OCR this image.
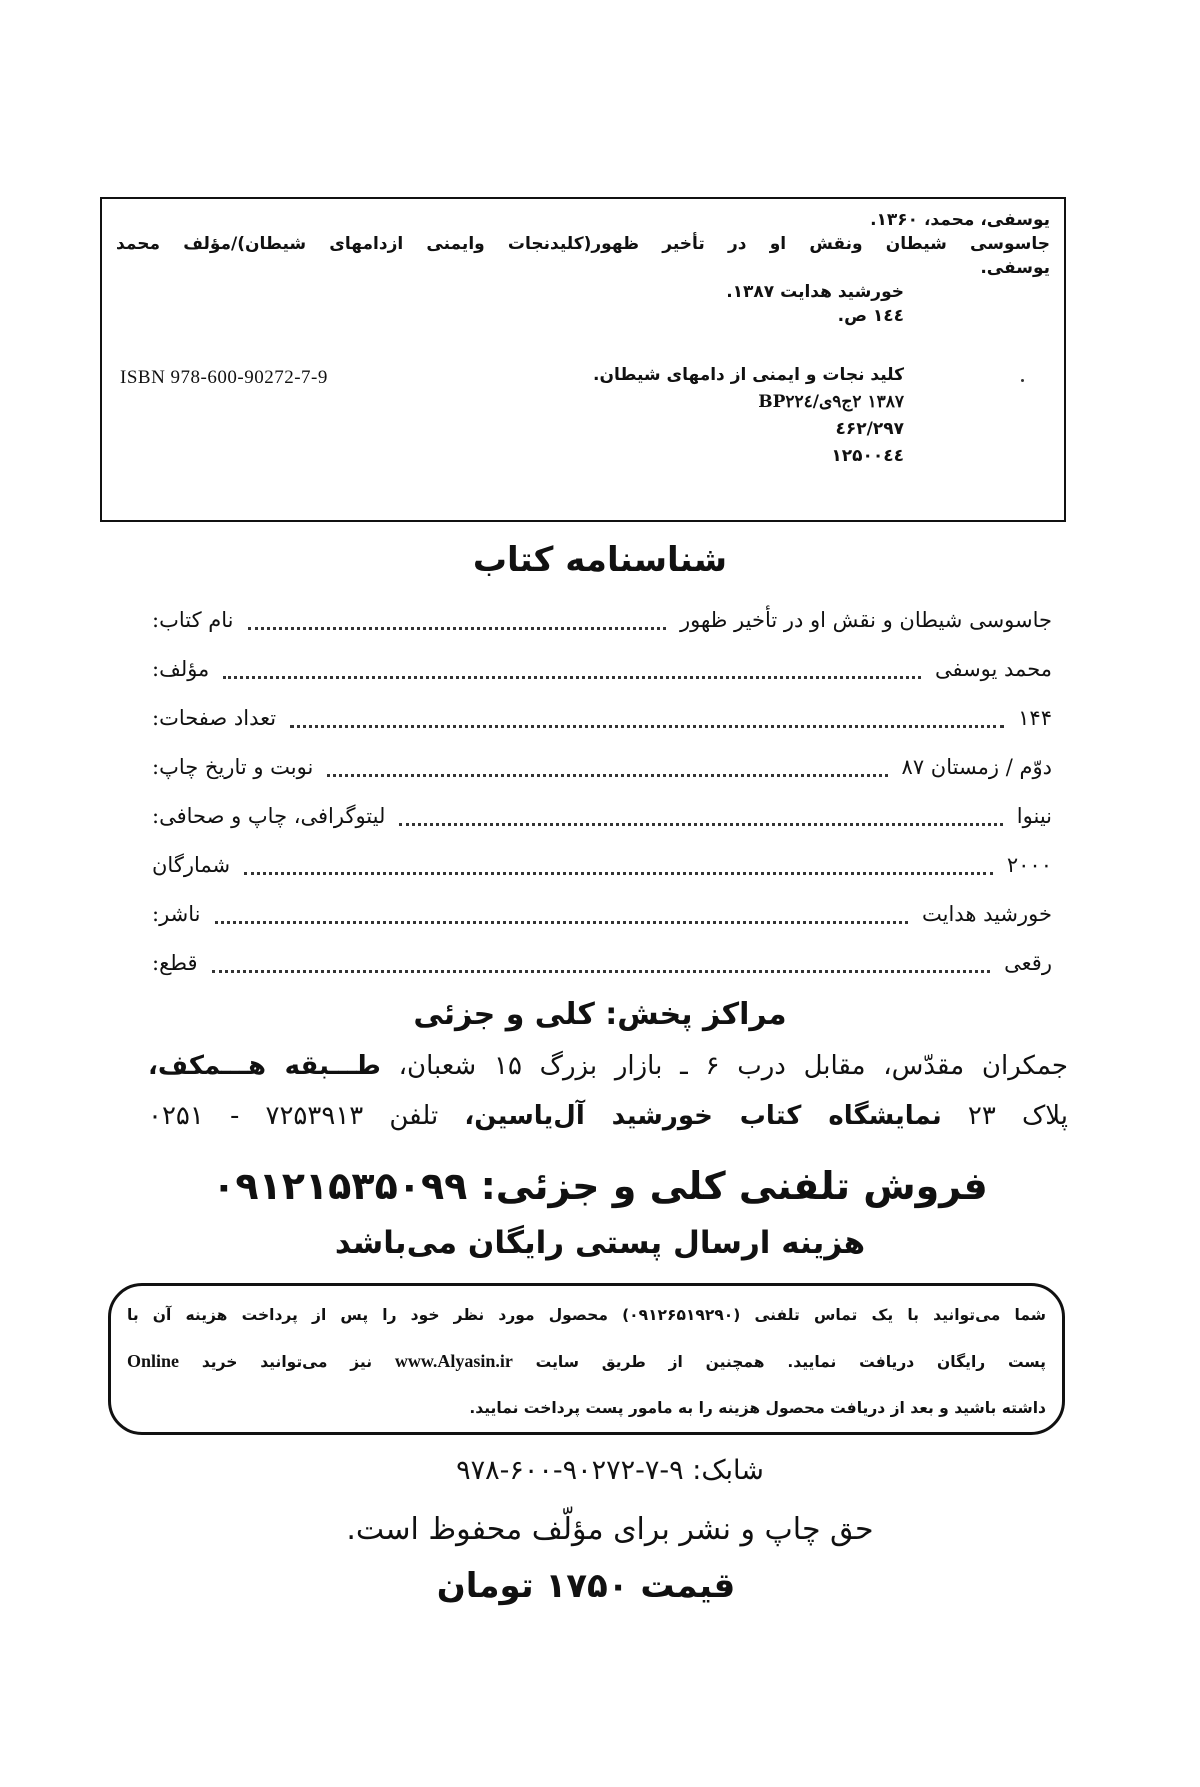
یوسفی، محمد، ۱۳۶۰.
جاسوسی شیطان ونقش او در تأخیر ظهور(کلیدنجات وایمنی ازدامهای شیطان)/مؤلف محمد
یوسفی.
خورشید هدایت ۱۳۸۷.
۱٤٤ ص.
ISBN 978-600-90272-7-9	کلید نجات و ایمنی از دامهای شیطان.
۱۳۸۷ ۲ج۹ی/BP۲۲٤
۲۹۷/٤۶۲
۱۲۵۰۰٤٤
شناسنامه کتاب
نام کتاب:	جاسوسی شیطان و نقش او در تأخیر ظهور
مؤلف:	محمد یوسفی
تعداد صفحات:	۱۴۴
نوبت و تاریخ چاپ:	دوّم / زمستان ۸۷
لیتوگرافی، چاپ و صحافی:	نینوا
شمارگان	۲۰۰۰
ناشر:	خورشید هدایت
قطع:	رقعی
مراکز پخش: کلی و جزئی
جمکران مقدّس، مقابل درب ۶ ـ بازار بزرگ ۱۵ شعبان، طـــبقه هـــمکف،
پلاک ۲۳ نمایشگاه کتاب خورشید آل‌یاسین، تلفن ۷۲۵۳۹۱۳ - ۰۲۵۱
فروش تلفنی کلی و جزئی: ۰۹۱۲۱۵۳۵۰۹۹
هزینه ارسال پستی رایگان می‌باشد
شما می‌توانید با یک تماس تلفنی (۰۹۱۲۶۵۱۹۲۹۰) محصول مورد نظر خود را پس از پرداخت هزینه آن با
پست رایگان دریافت نمایید. همچنین از طریق سایت www.Alyasin.ir نیز می‌توانید خرید Online
داشته باشید و بعد از دریافت محصول هزینه را به مامور پست پرداخت نمایید.
شابک: ۹-۷-۹۰۲۷۲-۶۰۰-۹۷۸
حق چاپ و نشر برای مؤلّف محفوظ است.
قیمت ۱۷۵۰ تومان
